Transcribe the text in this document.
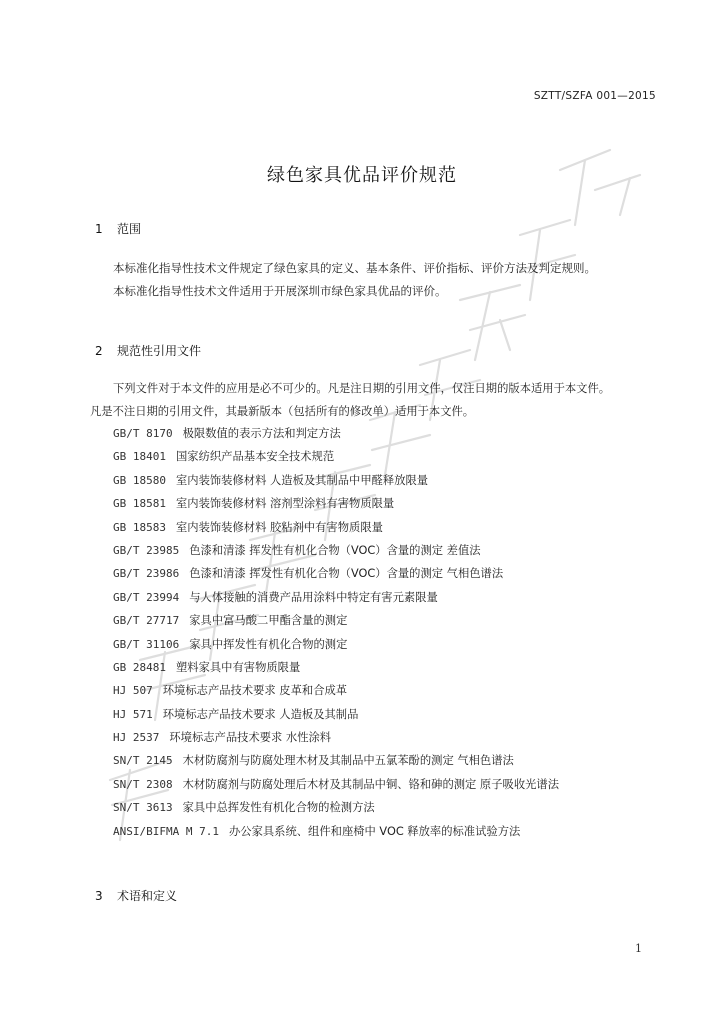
SZTT/SZFA 001—2015
绿色家具优品评价规范
1 范围
本标准化指导性技术文件规定了绿色家具的定义、基本条件、评价指标、评价方法及判定规则。
本标准化指导性技术文件适用于开展深圳市绿色家具优品的评价。
2 规范性引用文件
下列文件对于本文件的应用是必不可少的。凡是注日期的引用文件，仅注日期的版本适用于本文件。
凡是不注日期的引用文件，其最新版本（包括所有的修改单）适用于本文件。
GB/T 8170 极限数值的表示方法和判定方法
GB 18401 国家纺织产品基本安全技术规范
GB 18580 室内装饰装修材料 人造板及其制品中甲醛释放限量
GB 18581 室内装饰装修材料 溶剂型涂料有害物质限量
GB 18583 室内装饰装修材料 胶粘剂中有害物质限量
GB/T 23985 色漆和清漆 挥发性有机化合物（VOC）含量的测定 差值法
GB/T 23986 色漆和清漆 挥发性有机化合物（VOC）含量的测定 气相色谱法
GB/T 23994 与人体接触的消费产品用涂料中特定有害元素限量
GB/T 27717 家具中富马酸二甲酯含量的测定
GB/T 31106 家具中挥发性有机化合物的测定
GB 28481 塑料家具中有害物质限量
HJ 507 环境标志产品技术要求 皮革和合成革
HJ 571 环境标志产品技术要求 人造板及其制品
HJ 2537 环境标志产品技术要求 水性涂料
SN/T 2145 木材防腐剂与防腐处理木材及其制品中五氯苯酚的测定 气相色谱法
SN/T 2308 木材防腐剂与防腐处理后木材及其制品中铜、铬和砷的测定 原子吸收光谱法
SN/T 3613 家具中总挥发性有机化合物的检测方法
ANSI/BIFMA M 7.1 办公家具系统、组件和座椅中 VOC 释放率的标准试验方法
3 术语和定义
1
